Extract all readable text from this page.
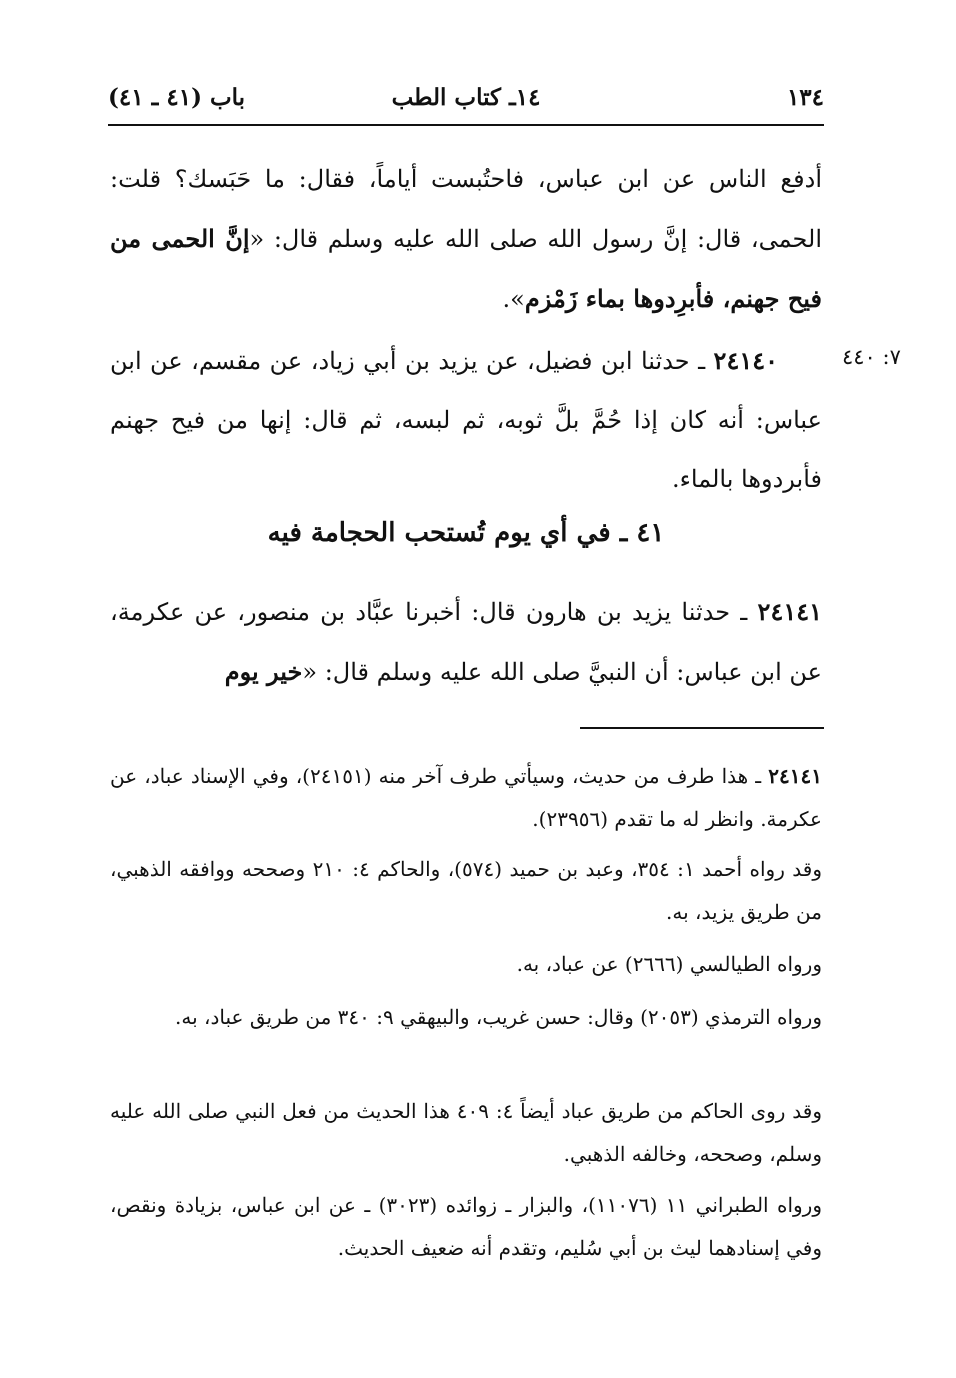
١٣٤
١٤ـ كتاب الطب
باب (٤١ ـ ٤١)

أدفع الناس عن ابن عباس، فاحتُبست أياماً، فقال: ما حَبَسك؟ قلت: الحمى، قال: إنَّ رسول الله صلى الله عليه وسلم قال: «إنَّ الحمى من فيح جهنم، فأبرِدوها بماء زَمْزم».

٧: ٤٤٠

٢٤١٤٠ ـ حدثنا ابن فضيل، عن يزيد بن أبي زياد، عن مقسم، عن ابن عباس: أنه كان إذا حُمَّ بلَّ ثوبه، ثم لبسه، ثم قال: إنها من فيح جهنم فأبردوها بالماء.

٤١ ـ في أي يوم تُستحب الحجامة فيه

٢٤١٤١ ـ حدثنا يزيد بن هارون قال: أخبرنا عبَّاد بن منصور، عن عكرمة، عن ابن عباس: أن النبيَّ صلى الله عليه وسلم قال: «خير يوم

٢٤١٤١ ـ هذا طرف من حديث، وسيأتي طرف آخر منه (٢٤١٥١)، وفي الإسناد عباد، عن عكرمة. وانظر له ما تقدم (٢٣٩٥٦).

وقد رواه أحمد ١: ٣٥٤، وعبد بن حميد (٥٧٤)، والحاكم ٤: ٢١٠ وصححه ووافقه الذهبي، من طريق يزيد، به.

ورواه الطيالسي (٢٦٦٦) عن عباد، به.

ورواه الترمذي (٢٠٥٣) وقال: حسن غريب، والبيهقي ٩: ٣٤٠ من طريق عباد، به.

وقد روى الحاكم من طريق عباد أيضاً ٤: ٤٠٩ هذا الحديث من فعل النبي صلى الله عليه وسلم، وصححه، وخالفه الذهبي.

ورواه الطبراني ١١ (١١٠٧٦)، والبزار ـ زوائده (٣٠٢٣) ـ عن ابن عباس، بزيادة ونقص، وفي إسنادهما ليث بن أبي سُليم، وتقدم أنه ضعيف الحديث.
